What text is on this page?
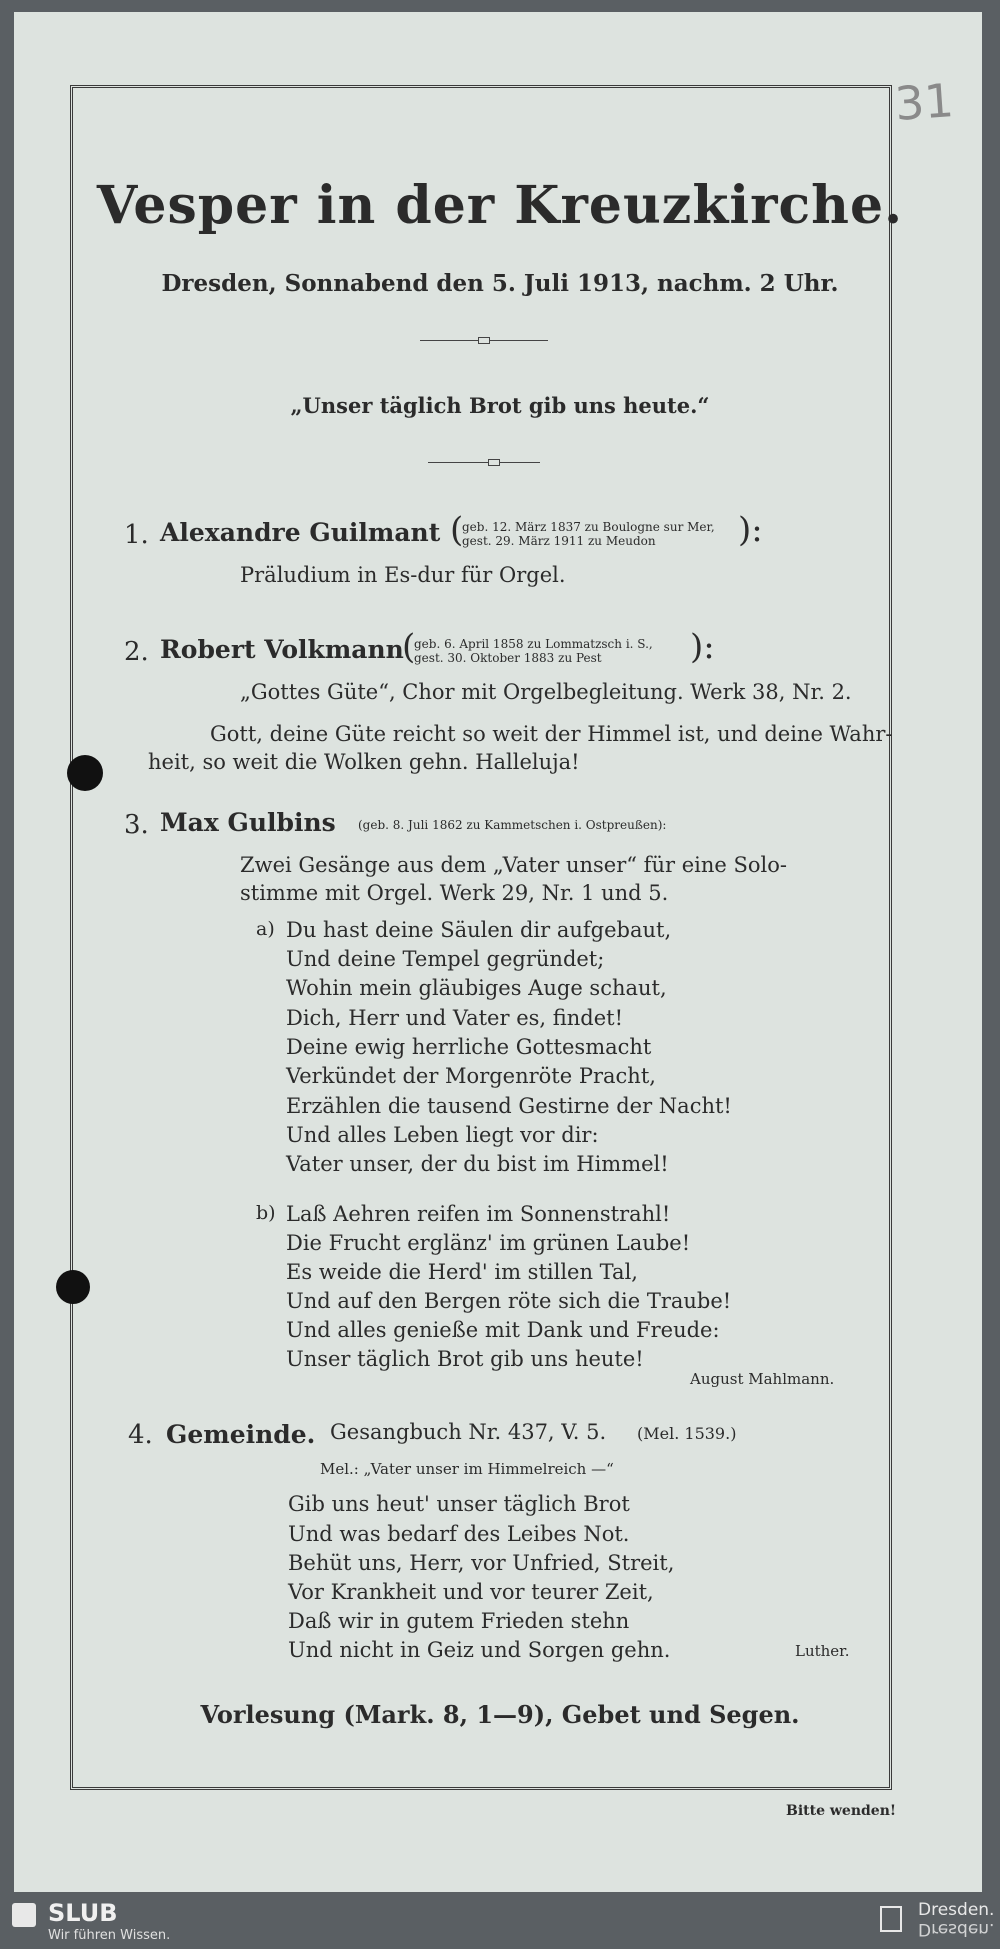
31
Vesper in der Kreuzkirche.
Dresden, Sonnabend den 5. Juli 1913, nachm. 2 Uhr.
„Unser täglich Brot gib uns heute.“
1. Alexandre Guilmant (
geb. 12. März 1837 zu Boulogne sur Mer,
gest. 29. März 1911 zu Meudon ):
Präludium in Es-dur für Orgel.
2. Robert Volkmann
(
geb. 6. April 1858 zu Lommatzsch i. S.,
gest. 30. Oktober 1883 zu Pest	):
„Gottes Güte“, Chor mit Orgelbegleitung. Werk 38, Nr. 2.
Gott, deine Güte reicht so weit der Himmel ist, und deine Wahr-
heit, so weit die Wolken gehn. Halleluja!
3. Max Gulbins (geb. 8. Juli 1862 zu Kammetschen i. Ostpreußen):
Zwei Gesänge aus dem „Vater unser“ für eine Solo-
stimme mit Orgel. Werk 29, Nr. 1 und 5.
a) Du hast deine Säulen dir aufgebaut,
Und deine Tempel gegründet;
Wohin mein gläubiges Auge schaut,
Dich, Herr und Vater es, findet!
Deine ewig herrliche Gottesmacht
Verkündet der Morgenröte Pracht,
Erzählen die tausend Gestirne der Nacht!
Und alles Leben liegt vor dir:
Vater unser, der du bist im Himmel!
b) Laß Aehren reifen im Sonnenstrahl!
Die Frucht erglänz' im grünen Laube!
Es weide die Herd' im stillen Tal,
Und auf den Bergen röte sich die Traube!
Und alles genieße mit Dank und Freude:
Unser täglich Brot gib uns heute!
August Mahlmann.
4. Gemeinde. Gesangbuch Nr. 437, V. 5. (Mel. 1539.)
Mel.: „Vater unser im Himmelreich —“
Gib uns heut' unser täglich Brot
Und was bedarf des Leibes Not.
Behüt uns, Herr, vor Unfried, Streit,
Vor Krankheit und vor teurer Zeit,
Daß wir in gutem Frieden stehn
Und nicht in Geiz und Sorgen gehn.	Luther.
Vorlesung (Mark. 8, 1—9), Gebet und Segen.
Bitte wenden!
SLUB
Wir führen Wissen.
Dresden.
Dresden.
